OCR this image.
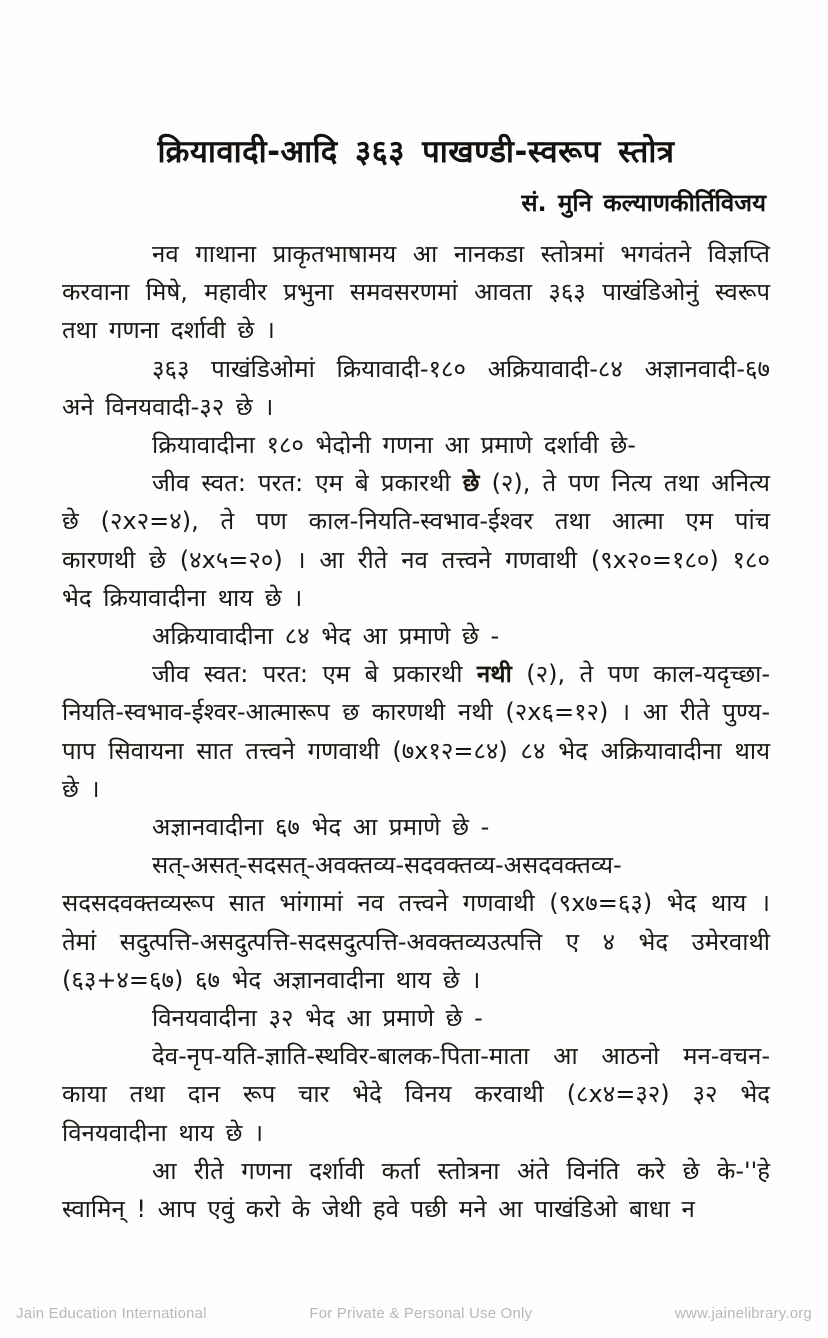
क्रियावादी-आदि ३६३ पाखण्डी-स्वरूप स्तोत्र
सं. मुनि कल्याणकीर्तिविजय

नव गाथाना प्राकृतभाषामय आ नानकडा स्तोत्रमां भगवंतने विज्ञप्ति करवाना मिषे, महावीर प्रभुना समवसरणमां आवता ३६३ पाखंडिओनुं स्वरूप तथा गणना दर्शावी छे ।

३६३ पाखंडिओमां क्रियावादी-१८० अक्रियावादी-८४ अज्ञानवादी-६७ अने विनयवादी-३२ छे ।

क्रियावादीना १८० भेदोनी गणना आ प्रमाणे दर्शावी छे-

जीव स्वत: परत: एम बे प्रकारथी छे (२), ते पण नित्य तथा अनित्य छे (२x२=४), ते पण काल-नियति-स्वभाव-ईश्वर तथा आत्मा एम पांच कारणथी छे (४x५=२०) । आ रीते नव तत्त्वने गणवाथी (९x२०=१८०) १८० भेद क्रियावादीना थाय छे ।

अक्रियावादीना ८४ भेद आ प्रमाणे छे -

जीव स्वत: परत: एम बे प्रकारथी नथी (२), ते पण काल-यदृच्छा-नियति-स्वभाव-ईश्वर-आत्मारूप छ कारणथी नथी (२x६=१२) । आ रीते पुण्य-पाप सिवायना सात तत्त्वने गणवाथी (७x१२=८४) ८४ भेद अक्रियावादीना थाय छे ।

अज्ञानवादीना ६७ भेद आ प्रमाणे छे -

सत्-असत्-सदसत्-अवक्तव्य-सदवक्तव्य-असदवक्तव्य-सदसदवक्तव्यरूप सात भांगामां नव तत्त्वने गणवाथी (९x७=६३) भेद थाय । तेमां सदुत्पत्ति-असदुत्पत्ति-सदसदुत्पत्ति-अवक्तव्यउत्पत्ति ए ४ भेद उमेरवाथी (६३+४=६७) ६७ भेद अज्ञानवादीना थाय छे ।

विनयवादीना ३२ भेद आ प्रमाणे छे -

देव-नृप-यति-ज्ञाति-स्थविर-बालक-पिता-माता आ आठनो मन-वचन-काया तथा दान रूप चार भेदे विनय करवाथी (८x४=३२) ३२ भेद विनयवादीना थाय छे ।

आ रीते गणना दर्शावी कर्ता स्तोत्रना अंते विनंति करे छे के-''हे स्वामिन् ! आप एवुं करो के जेथी हवे पछी मने आ पाखंडिओ बाधा न

Jain Education International	For Private & Personal Use Only	www.jainelibrary.org
